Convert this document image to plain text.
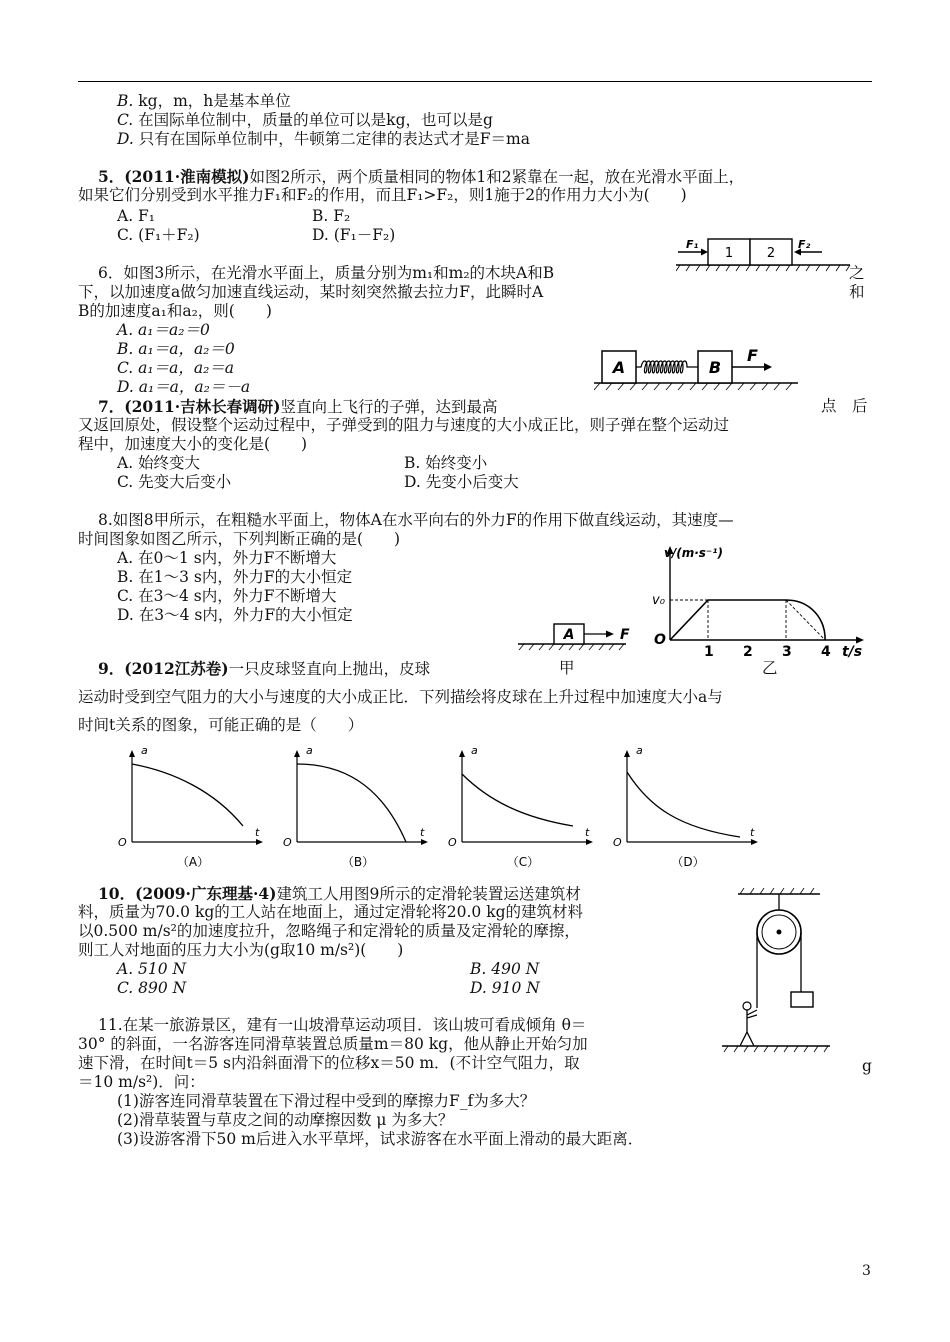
B. kg，m，h是基本单位
C. 在国际单位制中，质量的单位可以是kg，也可以是g
D. 只有在国际单位制中，牛顿第二定律的表达式才是F＝ma
5．(2011·淮南模拟)如图2所示，两个质量相同的物体1和2紧靠在一起，放在光滑水平面上，
如果它们分别受到水平推力F₁和F₂的作用，而且F₁>F₂，则1施于2的作用力大小为(　　)
A. F₁	B. F₂
C. (F₁＋F₂)	D. (F₁－F₂)
1	2
F₁	F₂
6．如图3所示，在光滑水平面上，质量分别为m₁和m₂的木块A和B	之
下，以加速度a做匀加速直线运动，某时刻突然撤去拉力F，此瞬时A	和
B的加速度a₁和a₂，则(　　)
A. a₁＝a₂＝0
B. a₁＝a，a₂＝0
C. a₁＝a，a₂＝a
D. a₁＝a，a₂＝－a
A	B
F
7．(2011·吉林长春调研)竖直向上飞行的子弹，达到最高	点　后
又返回原处，假设整个运动过程中，子弹受到的阻力与速度的大小成正比，则子弹在整个运动过
程中，加速度大小的变化是(　　)
A. 始终变大	B. 始终变小
C. 先变大后变小	D. 先变小后变大
8.如图8甲所示，在粗糙水平面上，物体A在水平向右的外力F的作用下做直线运动，其速度—
时间图象如图乙所示，下列判断正确的是(　　)
A. 在0～1 s内，外力F不断增大
B. 在1～3 s内，外力F的大小恒定
C. 在3～4 s内，外力F不断增大
D. 在3～4 s内，外力F的大小恒定
A	F
v/(m·s⁻¹)
v₀
O
1 2 3 4 t/s
9．(2012江苏卷)一只皮球竖直向上抛出，皮球	甲	乙
运动时受到空气阻力的大小与速度的大小成正比．下列描绘将皮球在上升过程中加速度大小a与
时间t关系的图象，可能正确的是（　　）
a
t
O
（A）
a
t
O
（B）
a
t
O
（C）
a
t
O
（D）
10．(2009·广东理基·4)建筑工人用图9所示的定滑轮装置运送建筑材
料，质量为70.0 kg的工人站在地面上，通过定滑轮将20.0 kg的建筑材料
以0.500 m/s²的加速度拉升，忽略绳子和定滑轮的质量及定滑轮的摩擦，
则工人对地面的压力大小为(g取10 m/s²)(　　)
A. 510 N	B. 490 N
C. 890 N	D. 910 N
11.在某一旅游景区，建有一山坡滑草运动项目．该山坡可看成倾角 θ＝
30° 的斜面，一名游客连同滑草装置总质量m＝80 kg，他从静止开始匀加
速下滑，在时间t＝5 s内沿斜面滑下的位移x＝50 m．(不计空气阻力，取	g
＝10 m/s²)．问：
(1)游客连同滑草装置在下滑过程中受到的摩擦力F_f为多大？
(2)滑草装置与草皮之间的动摩擦因数 μ 为多大？
(3)设游客滑下50 m后进入水平草坪，试求游客在水平面上滑动的最大距离．
3
